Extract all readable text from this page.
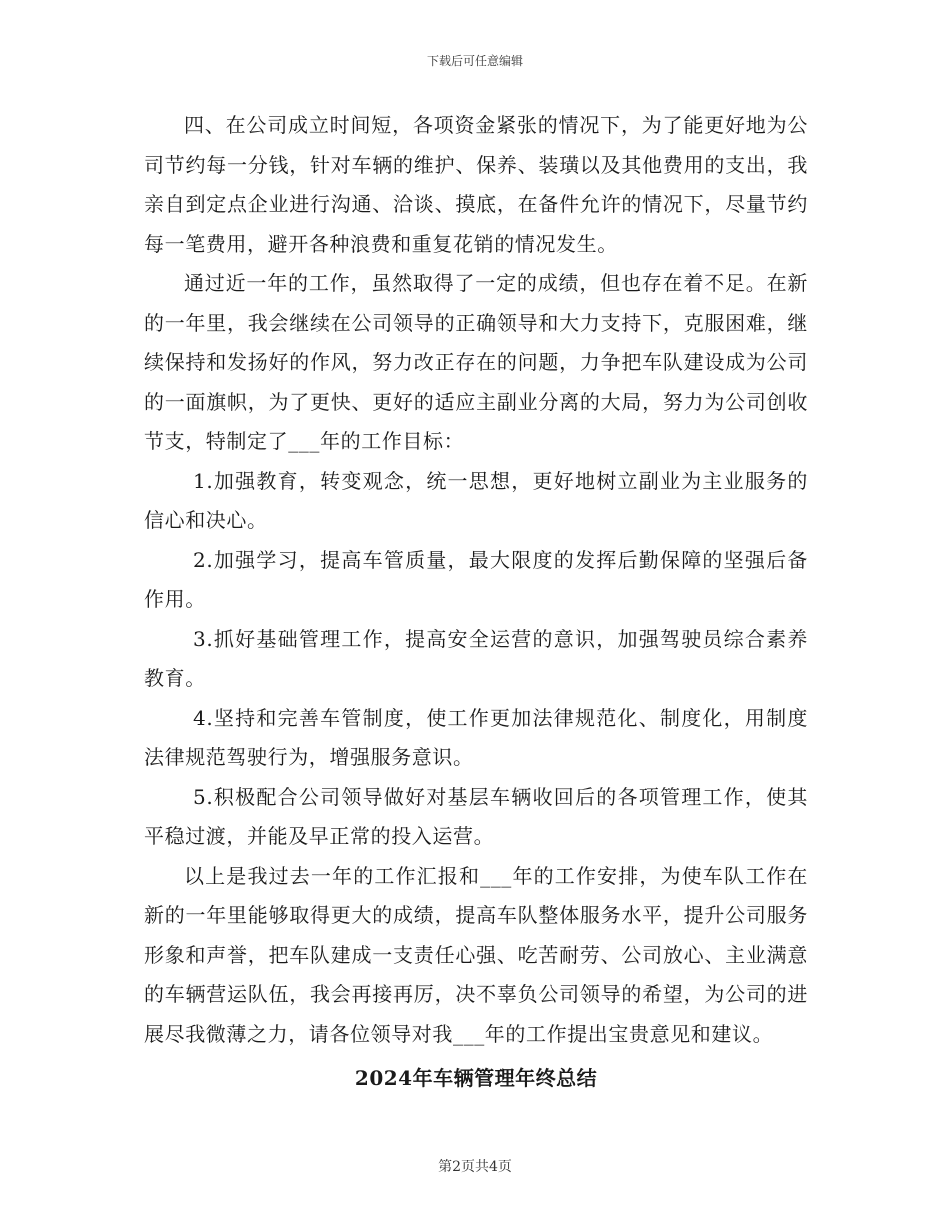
下载后可任意编辑

四、在公司成立时间短，各项资金紧张的情况下，为了能更好地为公司节约每一分钱，针对车辆的维护、保养、装璜以及其他费用的支出，我亲自到定点企业进行沟通、洽谈、摸底，在备件允许的情况下，尽量节约每一笔费用，避开各种浪费和重复花销的情况发生。

通过近一年的工作，虽然取得了一定的成绩，但也存在着不足。在新的一年里，我会继续在公司领导的正确领导和大力支持下，克服困难，继续保持和发扬好的作风，努力改正存在的问题，力争把车队建设成为公司的一面旗帜，为了更快、更好的适应主副业分离的大局，努力为公司创收节支，特制定了___年的工作目标：

1.加强教育，转变观念，统一思想，更好地树立副业为主业服务的信心和决心。

2.加强学习，提高车管质量，最大限度的发挥后勤保障的坚强后备作用。

3.抓好基础管理工作，提高安全运营的意识，加强驾驶员综合素养教育。

4.坚持和完善车管制度，使工作更加法律规范化、制度化，用制度法律规范驾驶行为，增强服务意识。

5.积极配合公司领导做好对基层车辆收回后的各项管理工作，使其平稳过渡，并能及早正常的投入运营。

以上是我过去一年的工作汇报和___年的工作安排，为使车队工作在新的一年里能够取得更大的成绩，提高车队整体服务水平，提升公司服务形象和声誉，把车队建成一支责任心强、吃苦耐劳、公司放心、主业满意的车辆营运队伍，我会再接再厉，决不辜负公司领导的希望，为公司的进展尽我微薄之力，请各位领导对我___年的工作提出宝贵意见和建议。

2024年车辆管理年终总结
第2页共4页
